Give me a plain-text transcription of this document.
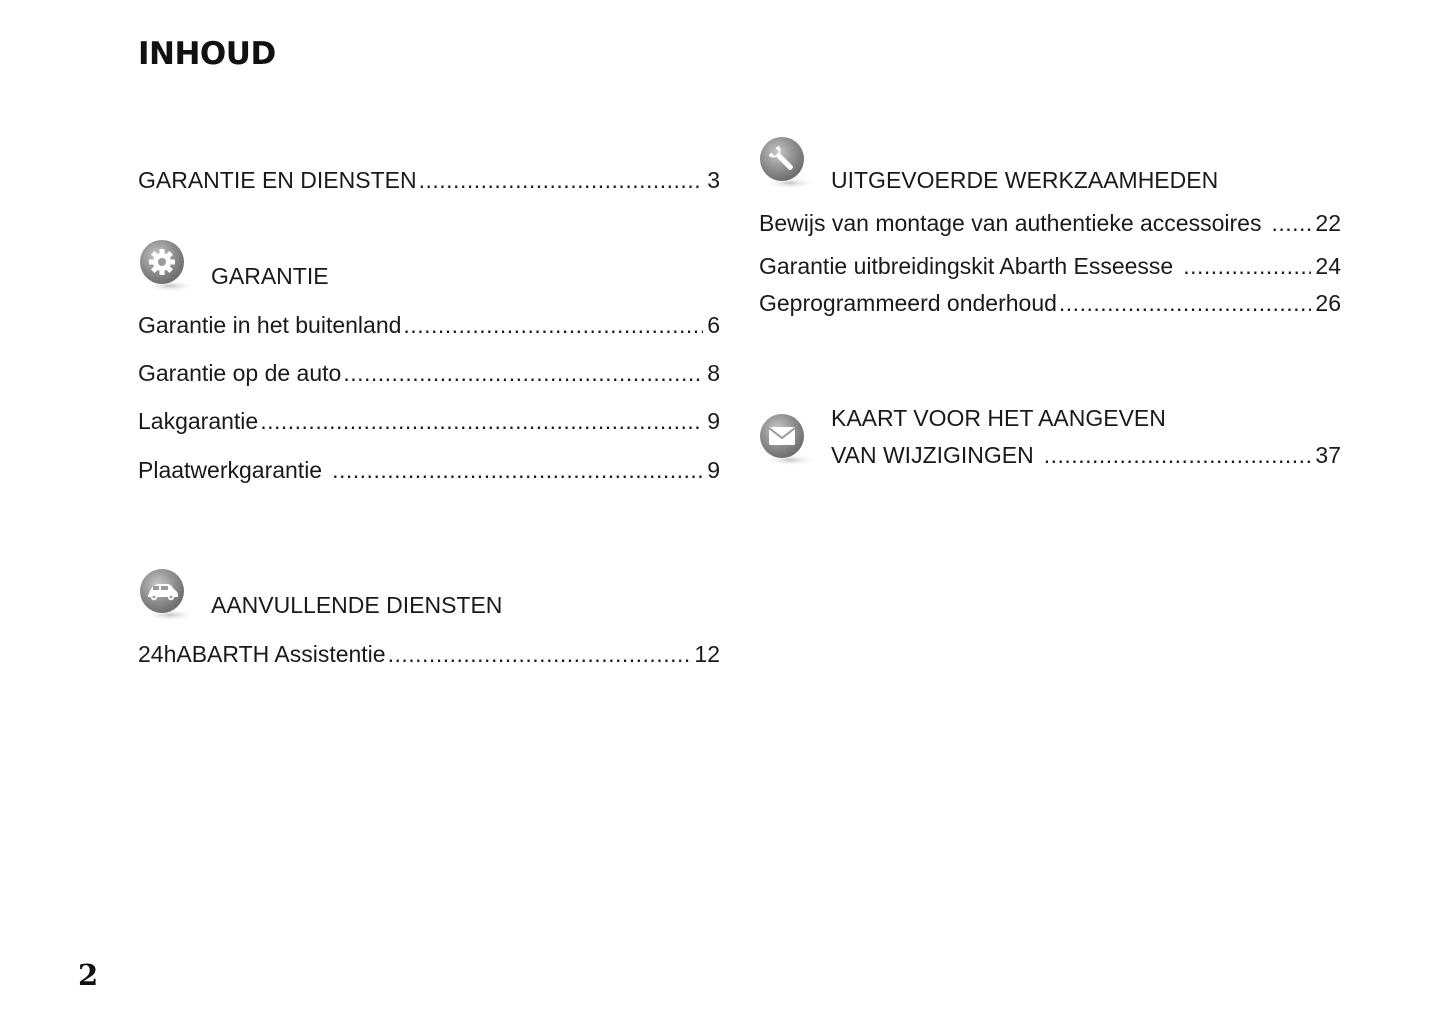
INHOUD
GARANTIE EN DIENSTEN .....	3
GARANTIE
Garantie in het buitenland .....	6
Garantie op de auto .....	8
Lakgarantie .....	9
Plaatwerkgarantie .....	9
AANVULLENDE DIENSTEN
24hABARTH Assistentie .....	12
UITGEVOERDE WERKZAAMHEDEN
Bewijs van montage van authentieke accessoires ..... 22
Garantie uitbreidingskit Abarth Esseesse .....	24
Geprogrammeerd onderhoud .....	26
KAART VOOR HET AANGEVEN
VAN WIJZIGINGEN .....	37
2
